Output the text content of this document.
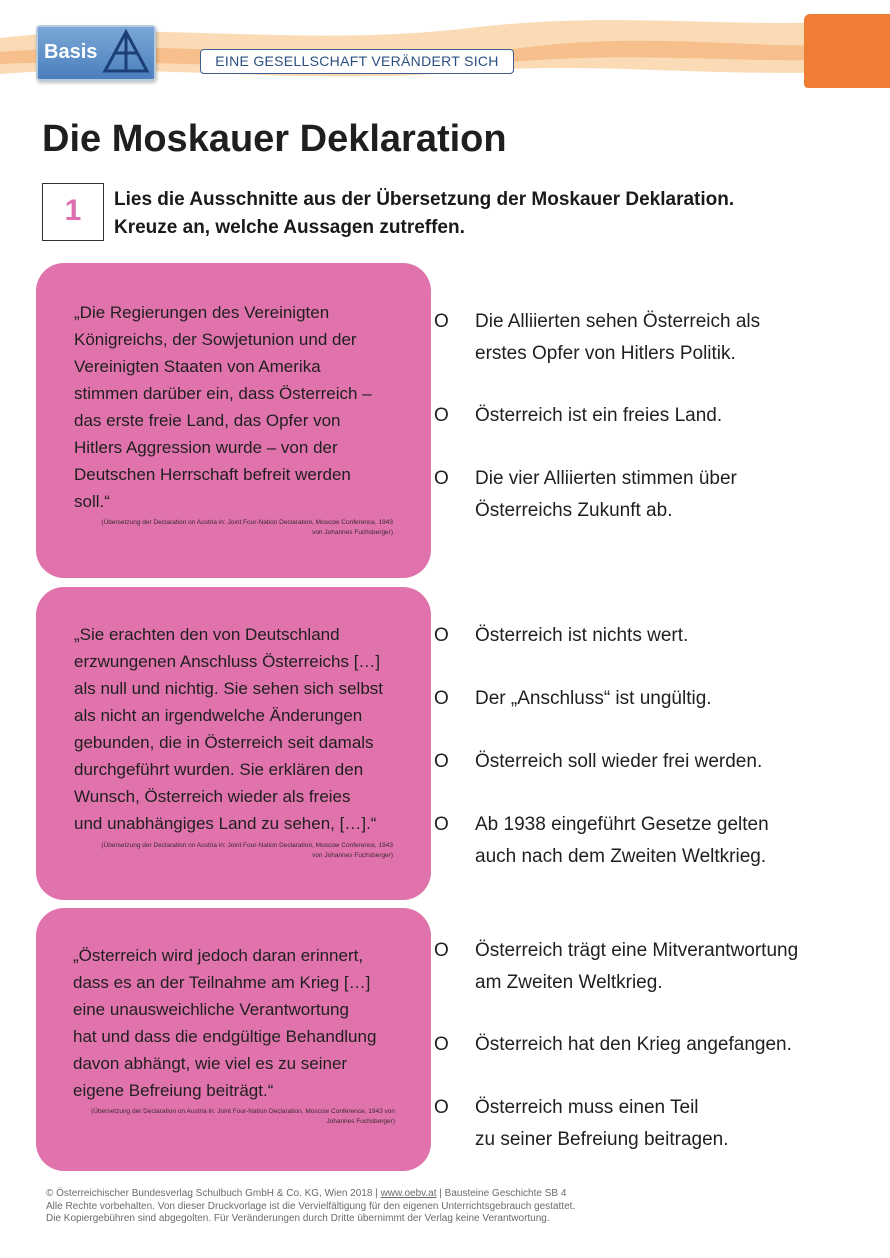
Basis	EINE GESELLSCHAFT VERÄNDERT SICH
Die Moskauer Deklaration
1	Lies die Ausschnitte aus der Übersetzung der Moskauer Deklaration.
Kreuze an, welche Aussagen zutreffen.

„Die Regierungen des Vereinigten
Königreichs, der Sowjetunion und der
Vereinigten Staaten von Amerika
stimmen darüber ein, dass Österreich –
das erste freie Land, das Opfer von
Hitlers Aggression wurde – von der
Deutschen Herrschaft befreit werden
soll.“

(Übersetzung der Declaration on Austria in: Joint Four-Nation Declaration, Moscow Conference, 1943
von Johannes Fuchsberger)

„Sie erachten den von Deutschland
erzwungenen Anschluss Österreichs […]
als null und nichtig. Sie sehen sich selbst
als nicht an irgendwelche Änderungen
gebunden, die in Österreich seit damals
durchgeführt wurden. Sie erklären den
Wunsch, Österreich wieder als freies
und unabhängiges Land zu sehen, […].“

(Übersetzung der Declaration on Austria in: Joint Four-Nation Declaration, Moscow Conference, 1943
von Johannes Fuchsberger)

„Österreich wird jedoch daran erinnert,
dass es an der Teilnahme am Krieg […]
eine unausweichliche Verantwortung
hat und dass die endgültige Behandlung
davon abhängt, wie viel es zu seiner
eigene Befreiung beiträgt.“

(Übersetzung der Declaration on Austria in: Joint Four-Nation Declaration, Moscow Conference, 1943 von
Johannes Fuchsberger)

O Die Alliierten sehen Österreich als
erstes Opfer von Hitlers Politik.
O Österreich ist ein freies Land.
O Die vier Alliierten stimmen über
Österreichs Zukunft ab.
O Österreich ist nichts wert.
O Der „Anschluss“ ist ungültig.
O Österreich soll wieder frei werden.
O Ab 1938 eingeführt Gesetze gelten
auch nach dem Zweiten Weltkrieg.
O Österreich trägt eine Mitverantwortung
am Zweiten Weltkrieg.
O Österreich hat den Krieg angefangen.
O Österreich muss einen Teil
zu seiner Befreiung beitragen.
© Österreichischer Bundesverlag Schulbuch GmbH & Co. KG, Wien 2018 | www.oebv.at | Bausteine Geschichte SB 4
Alle Rechte vorbehalten. Von dieser Druckvorlage ist die Vervielfältigung für den eigenen Unterrichtsgebrauch gestattet.
Die Kopiergebühren sind abgegolten. Für Veränderungen durch Dritte übernimmt der Verlag keine Verantwortung.
